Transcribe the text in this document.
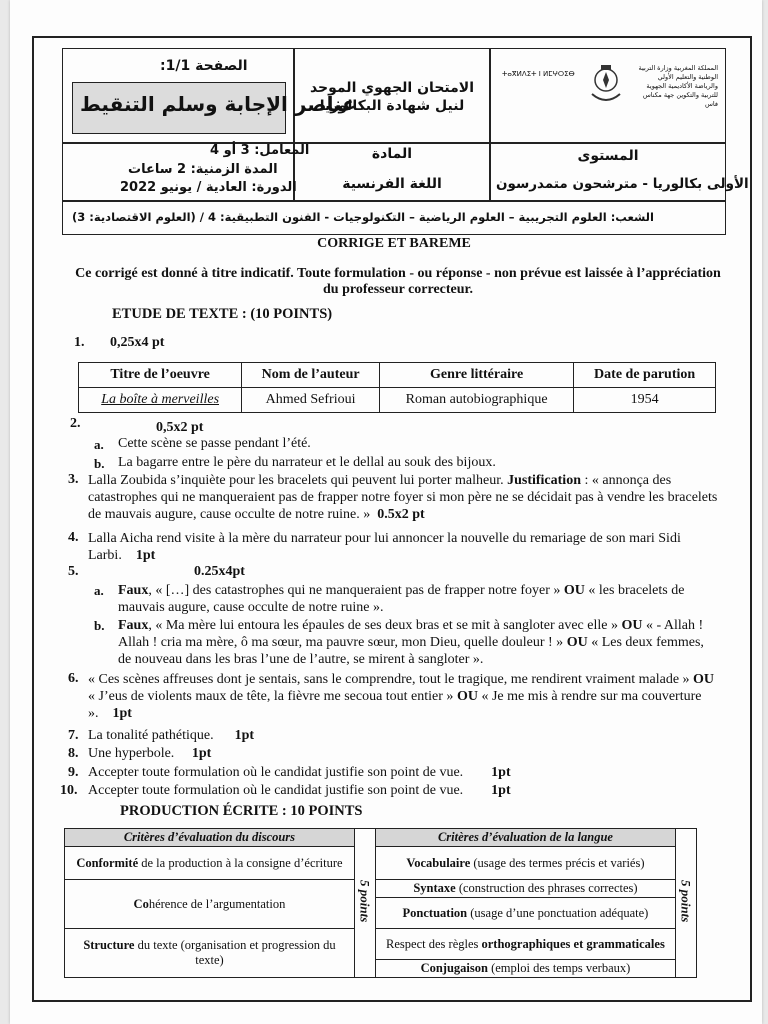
الصفحة 1/1:
عناصر الإجابة وسلم التنقيط
الامتحان الجهوي الموحد
لنيل شهادة البكالوريا
ⵜⴰⴳⵍⴷⵉⵜ ⵏ ⵍⵎⵖⵔⵉⴱ
المملكة المغربية وزارة التربية الوطنية والتعليم الأولي والرياضة الأكاديمية الجهوية للتربية والتكوين جهة مكناس فاس
المادة
اللغة الفرنسية
المستوى
الأولى بكالوريا - مترشحون متمدرسون
المعامل: 3 أو 4
المدة الزمنية: 2 ساعات
الدورة: العادية / يونيو 2022
الشعب: العلوم التجريبية – العلوم الرياضية – التكنولوجيات - الفنون التطبيقية: 4 / (العلوم الاقتصادية: 3)
CORRIGE ET BAREME
Ce corrigé est donné à titre indicatif. Toute formulation - ou réponse - non prévue est laissée à l’appréciation du professeur correcteur.
ETUDE DE TEXTE : (10 POINTS)
1. 0,25x4 pt
Titre de l’oeuvre	Nom de l’auteur	Genre littéraire	Date de parution
La boîte à merveilles	Ahmed Sefrioui	Roman autobiographique	1954
2.	0,5x2 pt
a. Cette scène se passe pendant l’été.
b. La bagarre entre le père du narrateur et le dellal au souk des bijoux.
3. Lalla Zoubida s’inquiète pour les bracelets qui peuvent lui porter malheur. Justification : « annonça des catastrophes qui ne manqueraient pas de frapper notre foyer si mon père ne se décidait pas à vendre les bracelets de mauvais augure, cause occulte de notre ruine. » 0.5x2 pt
4. Lalla Aicha rend visite à la mère du narrateur pour lui annoncer la nouvelle du remariage de son mari Sidi Larbi. 1pt
5.	0.25x4pt
a. Faux, « […] des catastrophes qui ne manqueraient pas de frapper notre foyer » OU « les bracelets de mauvais augure, cause occulte de notre ruine ».
b. Faux, « Ma mère lui entoura les épaules de ses deux bras et se mit à sangloter avec elle » OU « - Allah ! Allah ! cria ma mère, ô ma sœur, ma pauvre sœur, mon Dieu, quelle douleur ! » OU « Les deux femmes, de nouveau dans les bras l’une de l’autre, se mirent à sangloter ».
6. « Ces scènes affreuses dont je sentais, sans le comprendre, tout le tragique, me rendirent vraiment malade » OU « J’eus de violents maux de tête, la fièvre me secoua tout entier » OU « Je me mis à rendre sur ma couverture ». 1pt
7. La tonalité pathétique. 1pt
8. Une hyperbole. 1pt
9. Accepter toute formulation où le candidat justifie son point de vue. 1pt
10. Accepter toute formulation où le candidat justifie son point de vue. 1pt
PRODUCTION ÉCRITE : 10 POINTS
Critères d’évaluation du discours	5 points	Critères d’évaluation de la langue	5 points
Conformité de la production à la consigne d’écriture		Vocabulaire (usage des termes précis et variés)	
Cohérence de l’argumentation		Syntaxe (construction des phrases correctes)	
		Ponctuation (usage d’une ponctuation adéquate)	
Structure du texte (organisation et progression du texte)		Respect des règles orthographiques et grammaticales	
		Conjugaison (emploi des temps verbaux)	
